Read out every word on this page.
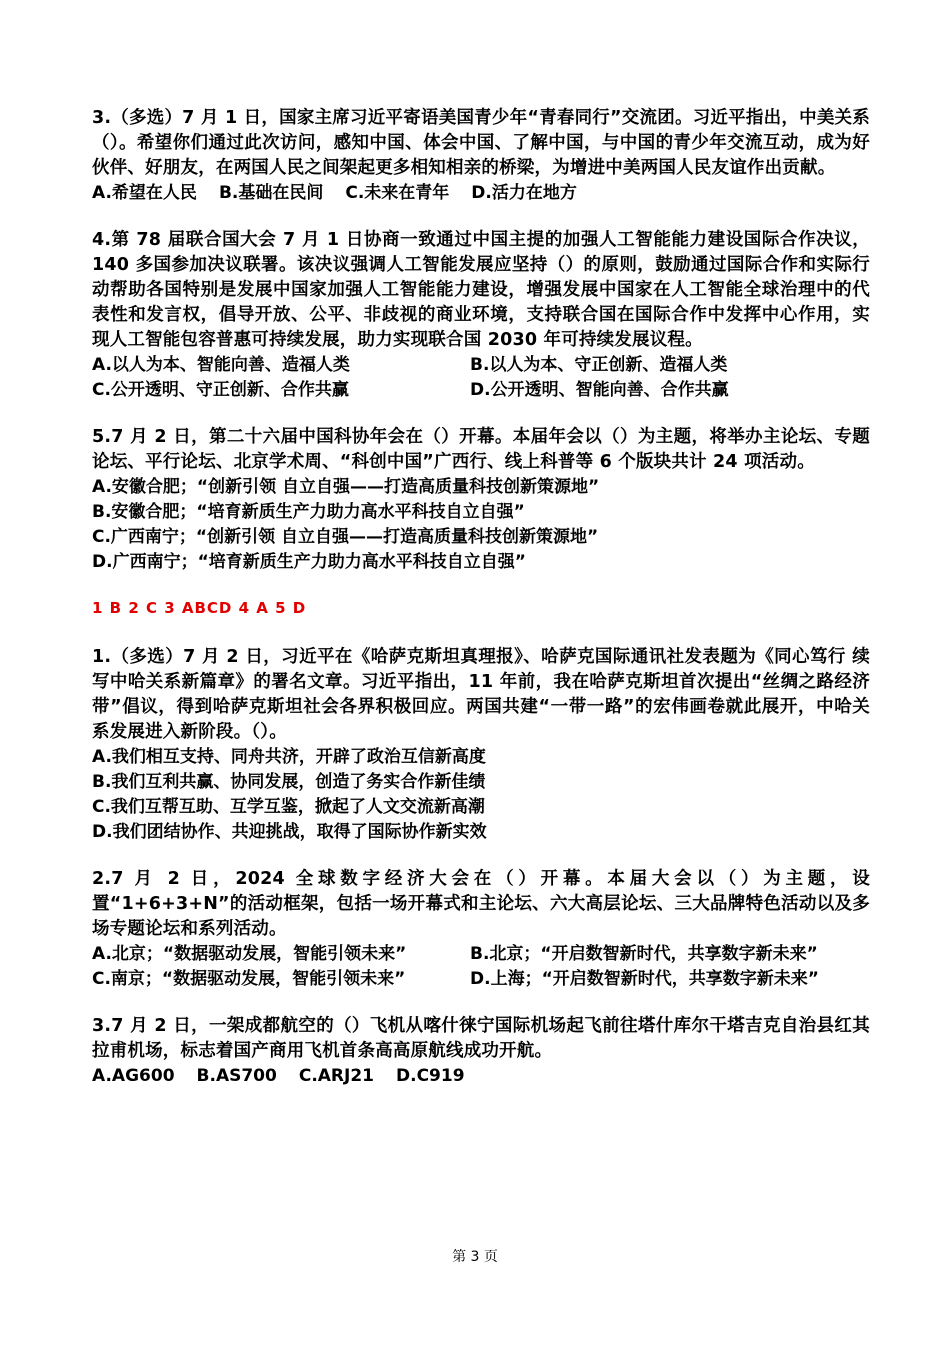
3.（多选）7 月 1 日，国家主席习近平寄语美国青少年“青春同行”交流团。习近平指出，中美关系（）。希望你们通过此次访问，感知中国、体会中国、了解中国，与中国的青少年交流互动，成为好伙伴、好朋友，在两国人民之间架起更多相知相亲的桥梁，为增进中美两国人民友谊作出贡献。

A.希望在人民 B.基础在民间 C.未来在青年 D.活力在地方

4.第 78 届联合国大会 7 月 1 日协商一致通过中国主提的加强人工智能能力建设国际合作决议，140 多国参加决议联署。该决议强调人工智能发展应坚持（）的原则，鼓励通过国际合作和实际行动帮助各国特别是发展中国家加强人工智能能力建设，增强发展中国家在人工智能全球治理中的代表性和发言权，倡导开放、公平、非歧视的商业环境，支持联合国在国际合作中发挥中心作用，实现人工智能包容普惠可持续发展，助力实现联合国 2030 年可持续发展议程。

A.以人为本、智能向善、造福人类	B.以人为本、守正创新、造福人类
C.公开透明、守正创新、合作共赢	D.公开透明、智能向善、合作共赢

5.7 月 2 日，第二十六届中国科协年会在（）开幕。本届年会以（）为主题，将举办主论坛、专题论坛、平行论坛、北京学术周、“科创中国”广西行、线上科普等 6 个版块共计 24 项活动。

A.安徽合肥；“创新引领 自立自强——打造高质量科技创新策源地”

B.安徽合肥；“培育新质生产力助力高水平科技自立自强”

C.广西南宁；“创新引领 自立自强——打造高质量科技创新策源地”

D.广西南宁；“培育新质生产力助力高水平科技自立自强”

1 B 2 C 3 ABCD 4 A 5 D

1.（多选）7 月 2 日，习近平在《哈萨克斯坦真理报》、哈萨克国际通讯社发表题为《同心笃行 续写中哈关系新篇章》的署名文章。习近平指出，11 年前，我在哈萨克斯坦首次提出“丝绸之路经济带”倡议，得到哈萨克斯坦社会各界积极回应。两国共建“一带一路”的宏伟画卷就此展开，中哈关系发展进入新阶段。（）。

A.我们相互支持、同舟共济，开辟了政治互信新高度

B.我们互利共赢、协同发展，创造了务实合作新佳绩

C.我们互帮互助、互学互鉴，掀起了人文交流新高潮

D.我们团结协作、共迎挑战，取得了国际协作新实效

2.7 月 2 日，2024 全球数字经济大会在（）开幕。本届大会以（）为主题，设置“1+6+3+N”的活动框架，包括一场开幕式和主论坛、六大高层论坛、三大品牌特色活动以及多场专题论坛和系列活动。

A.北京；“数据驱动发展，智能引领未来”	B.北京；“开启数智新时代，共享数字新未来”
C.南京；“数据驱动发展，智能引领未来”	D.上海；“开启数智新时代，共享数字新未来”

3.7 月 2 日，一架成都航空的（）飞机从喀什徕宁国际机场起飞前往塔什库尔干塔吉克自治县红其拉甫机场，标志着国产商用飞机首条高高原航线成功开航。

A.AG600 B.AS700 C.ARJ21 D.C919
第 3 页
